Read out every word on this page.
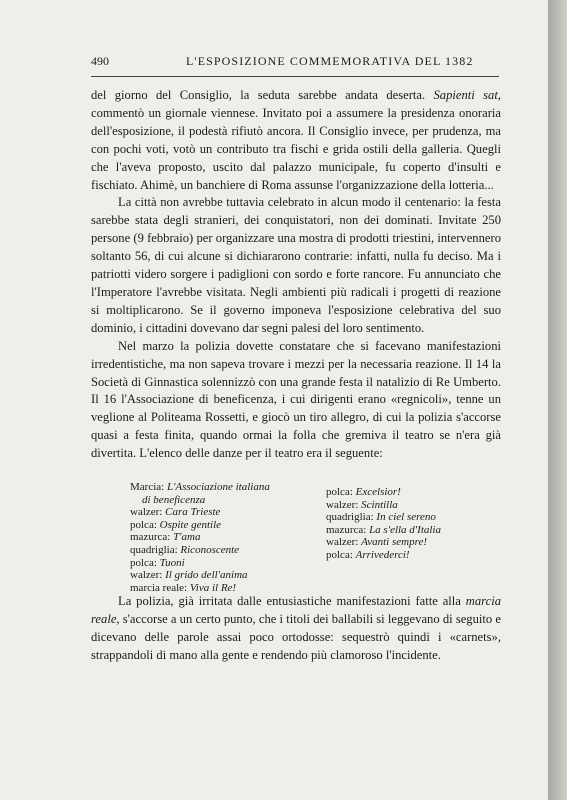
490	L'ESPOSIZIONE COMMEMORATIVA DEL 1382

del giorno del Consiglio, la seduta sarebbe andata deserta. Sapienti sat, commentò un giornale viennese. Invitato poi a assumere la presidenza onoraria dell'esposizione, il podestà rifiutò ancora. Il Consiglio invece, per prudenza, ma con pochi voti, votò un contributo tra fischi e grida ostili della galleria. Quegli che l'aveva proposto, uscito dal palazzo municipale, fu coperto d'insulti e fischiato. Ahimè, un banchiere di Roma assunse l'organizzazione della lotteria...

La città non avrebbe tuttavia celebrato in alcun modo il centenario: la festa sarebbe stata degli stranieri, dei conquistatori, non dei dominati. Invitate 250 persone (9 febbraio) per organizzare una mostra di prodotti triestini, intervennero soltanto 56, di cui alcune si dichiararono contrarie: infatti, nulla fu deciso. Ma i patriotti videro sorgere i padiglioni con sordo e forte rancore. Fu annunciato che l'Imperatore l'avrebbe visitata. Negli ambienti più radicali i progetti di reazione si moltiplicarono. Se il governo imponeva l'esposizione celebrativa del suo dominio, i cittadini dovevano dar segni palesi del loro sentimento.

Nel marzo la polizia dovette constatare che si facevano manifestazioni irredentistiche, ma non sapeva trovare i mezzi per la necessaria reazione. Il 14 la Società di Ginnastica solennizzò con una grande festa il natalizio di Re Umberto. Il 16 l'Associazione di beneficenza, i cui dirigenti erano «regnicoli», tenne un veglione al Politeama Rossetti, e giocò un tiro allegro, di cui la polizia s'accorse quasi a festa finita, quando ormai la folla che gremiva il teatro se n'era già divertita. L'elenco delle danze per il teatro era il seguente:

Marcia: L'Associazione italiana
di beneficenza
walzer: Cara Trieste
polca: Ospite gentile
mazurca: T'ama
quadriglia: Riconoscente
polca: Tuoni
walzer: Il grido dell'anima
marcia reale: Viva il Re!
polca: Excelsior!
walzer: Scintilla
quadriglia: In ciel sereno
mazurca: La s'ella d'Italia
walzer: Avanti sempre!
polca: Arrivederci!

La polizia, già irritata dalle entusiastiche manifestazioni fatte alla marcia reale, s'accorse a un certo punto, che i titoli dei ballabili si leggevano di seguito e dicevano delle parole assai poco ortodosse: sequestrò quindi i «carnets», strappandoli di mano alla gente e rendendo più clamoroso l'incidente.
